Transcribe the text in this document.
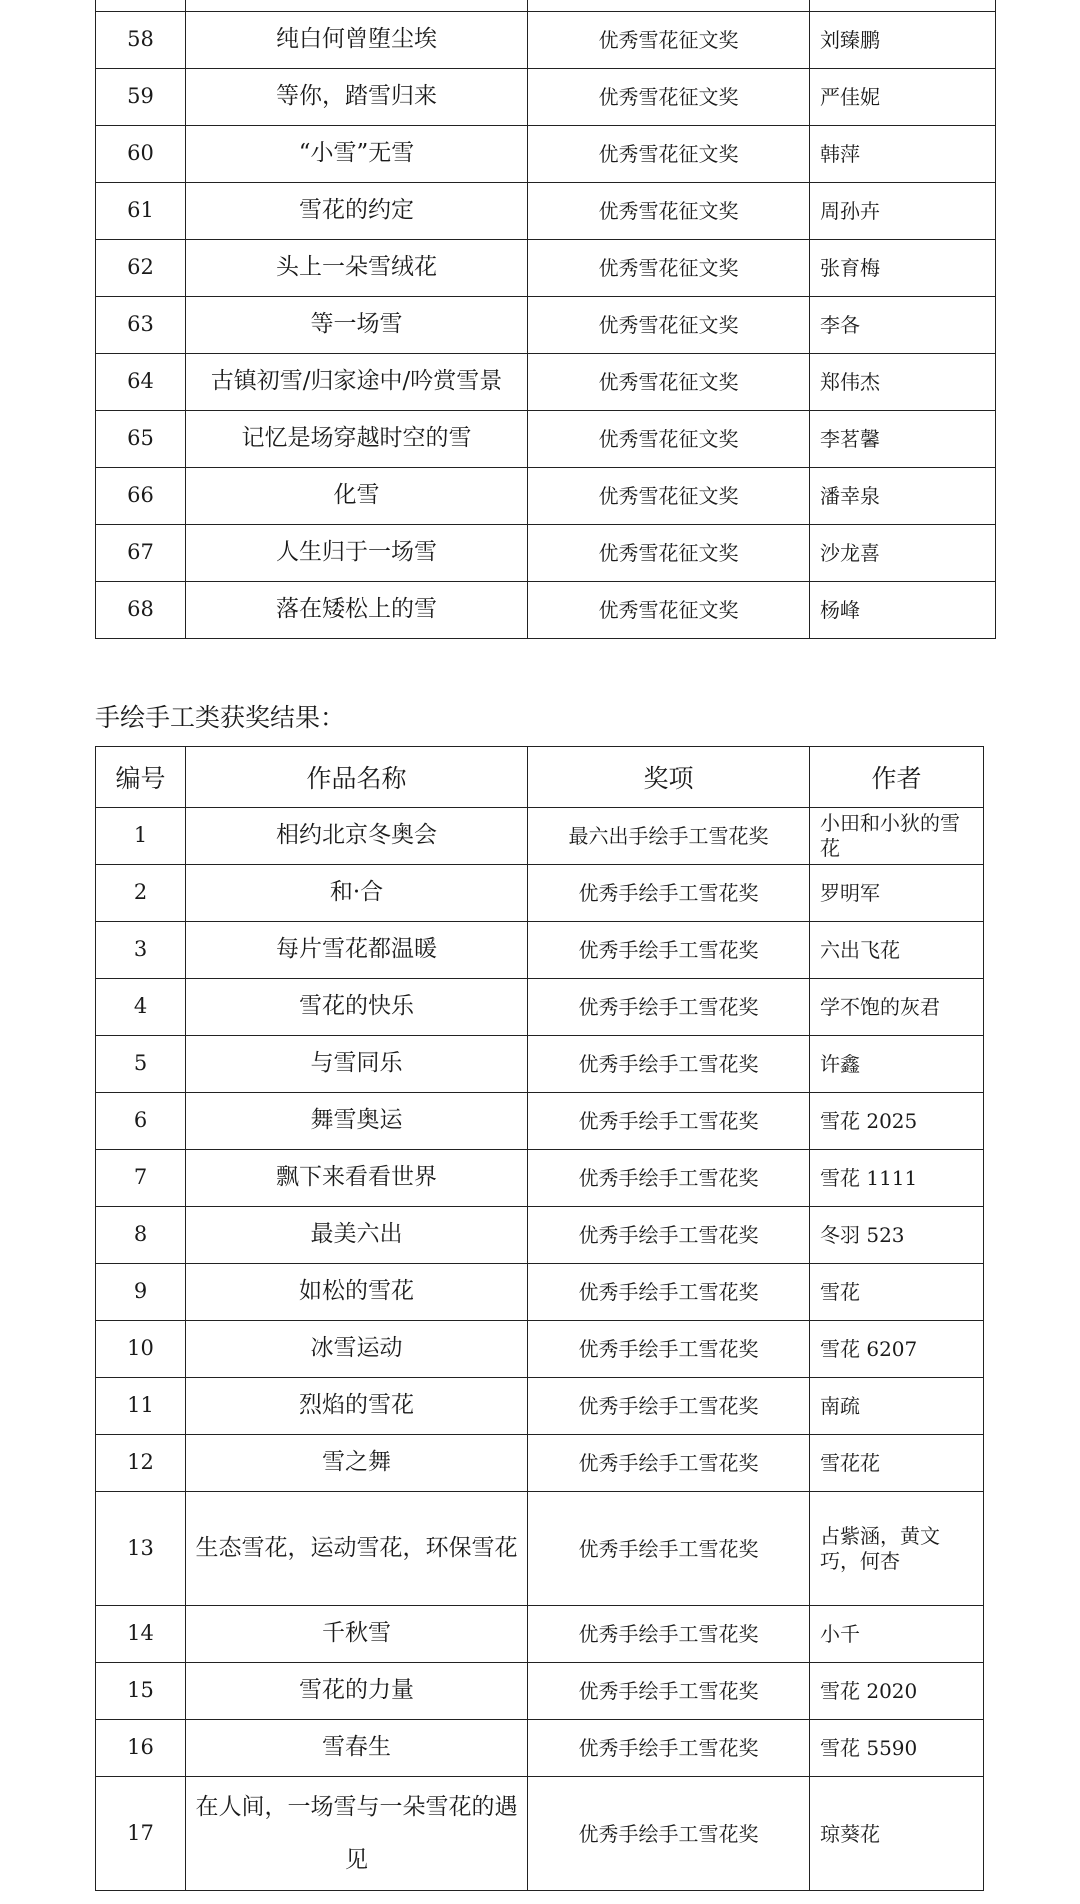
58	纯白何曾堕尘埃	优秀雪花征文奖	刘臻鹏
59	等你，踏雪归来	优秀雪花征文奖	严佳妮
60	“小雪”无雪	优秀雪花征文奖	韩萍
61	雪花的约定	优秀雪花征文奖	周孙卉
62	头上一朵雪绒花	优秀雪花征文奖	张育梅
63	等一场雪	优秀雪花征文奖	李各
64	古镇初雪/归家途中/吟赏雪景	优秀雪花征文奖	郑伟杰
65	记忆是场穿越时空的雪	优秀雪花征文奖	李茗馨
66	化雪	优秀雪花征文奖	潘幸泉
67	人生归于一场雪	优秀雪花征文奖	沙龙喜
68	落在矮松上的雪	优秀雪花征文奖	杨峰
手绘手工类获奖结果：
编号	作品名称	奖项	作者
1	相约北京冬奥会	最六出手绘手工雪花奖	小田和小狄的雪花
2	和·合	优秀手绘手工雪花奖	罗明军
3	每片雪花都温暖	优秀手绘手工雪花奖	六出飞花
4	雪花的快乐	优秀手绘手工雪花奖	学不饱的灰君
5	与雪同乐	优秀手绘手工雪花奖	许鑫
6	舞雪奥运	优秀手绘手工雪花奖	雪花 2025
7	飘下来看看世界	优秀手绘手工雪花奖	雪花 1111
8	最美六出	优秀手绘手工雪花奖	冬羽 523
9	如松的雪花	优秀手绘手工雪花奖	雪花
10	冰雪运动	优秀手绘手工雪花奖	雪花 6207
11	烈焰的雪花	优秀手绘手工雪花奖	南疏
12	雪之舞	优秀手绘手工雪花奖	雪花花
13	生态雪花，运动雪花，环保雪花	优秀手绘手工雪花奖	占紫涵，黄文巧，何杏
14	千秋雪	优秀手绘手工雪花奖	小千
15	雪花的力量	优秀手绘手工雪花奖	雪花 2020
16	雪春生	优秀手绘手工雪花奖	雪花 5590
17	在人间，一场雪与一朵雪花的遇见	优秀手绘手工雪花奖	琼葵花
